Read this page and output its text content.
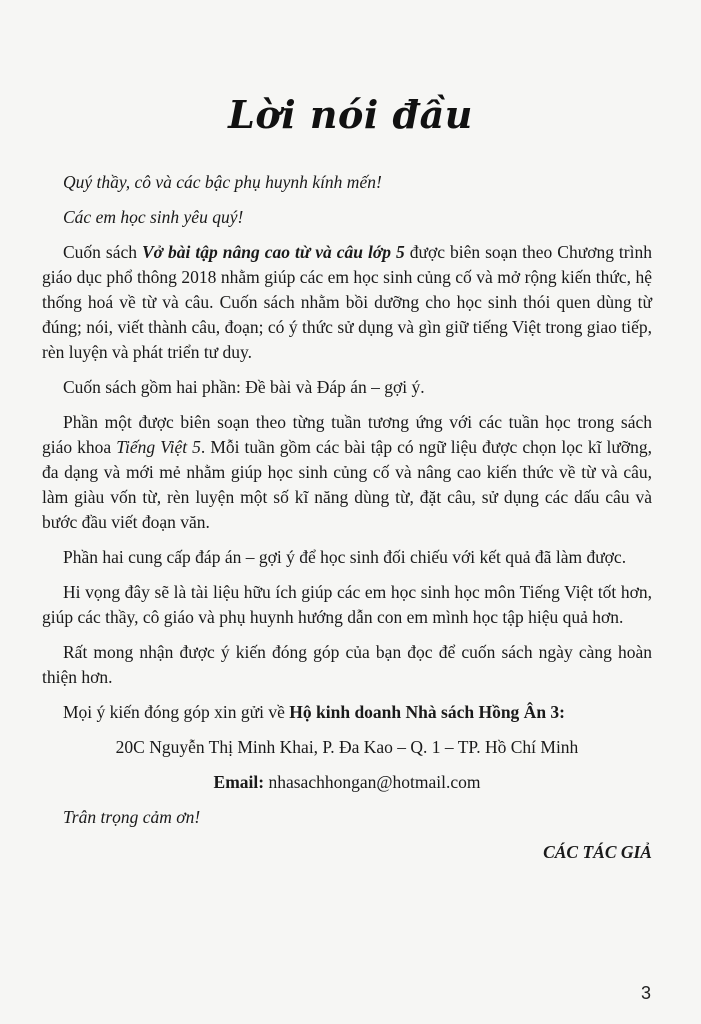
Lời nói đầu

Quý thầy, cô và các bậc phụ huynh kính mến!

Các em học sinh yêu quý!

Cuốn sách Vở bài tập nâng cao từ và câu lớp 5 được biên soạn theo Chương trình giáo dục phổ thông 2018 nhằm giúp các em học sinh củng cố và mở rộng kiến thức, hệ thống hoá về từ và câu. Cuốn sách nhằm bồi dưỡng cho học sinh thói quen dùng từ đúng; nói, viết thành câu, đoạn; có ý thức sử dụng và gìn giữ tiếng Việt trong giao tiếp, rèn luyện và phát triển tư duy.

Cuốn sách gồm hai phần: Đề bài và Đáp án – gợi ý.

Phần một được biên soạn theo từng tuần tương ứng với các tuần học trong sách giáo khoa Tiếng Việt 5. Mỗi tuần gồm các bài tập có ngữ liệu được chọn lọc kĩ lưỡng, đa dạng và mới mẻ nhằm giúp học sinh củng cố và nâng cao kiến thức về từ và câu, làm giàu vốn từ, rèn luyện một số kĩ năng dùng từ, đặt câu, sử dụng các dấu câu và bước đầu viết đoạn văn.

Phần hai cung cấp đáp án – gợi ý để học sinh đối chiếu với kết quả đã làm được.

Hi vọng đây sẽ là tài liệu hữu ích giúp các em học sinh học môn Tiếng Việt tốt hơn, giúp các thầy, cô giáo và phụ huynh hướng dẫn con em mình học tập hiệu quả hơn.

Rất mong nhận được ý kiến đóng góp của bạn đọc để cuốn sách ngày càng hoàn thiện hơn.

Mọi ý kiến đóng góp xin gửi về Hộ kinh doanh Nhà sách Hồng Ân 3:

20C Nguyễn Thị Minh Khai, P. Đa Kao – Q. 1 – TP. Hồ Chí Minh

Email: nhasachhongan@hotmail.com

Trân trọng cảm ơn!

CÁC TÁC GIẢ

3
